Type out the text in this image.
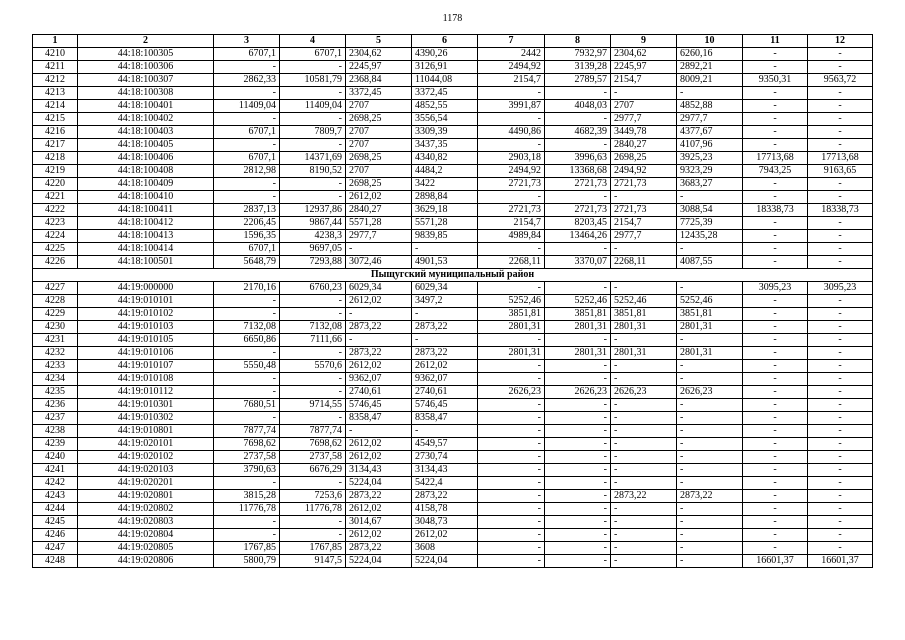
1178
1	2	3	4	5	6	7	8	9	10	11	12
4210	44:18:100305	6707,1	6707,1	2304,62	4390,26	2442	7932,97	2304,62	6260,16	-	-
4211	44:18:100306	-	-	2245,97	3126,91	2494,92	3139,28	2245,97	2892,21	-	-
4212	44:18:100307	2862,33	10581,79	2368,84	11044,08	2154,7	2789,57	2154,7	8009,21	9350,31	9563,72
4213	44:18:100308	-	-	3372,45	3372,45	-	-	-	-	-	-
4214	44:18:100401	11409,04	11409,04	2707	4852,55	3991,87	4048,03	2707	4852,88	-	-
4215	44:18:100402	-	-	2698,25	3556,54	-	-	2977,7	2977,7	-	-
4216	44:18:100403	6707,1	7809,7	2707	3309,39	4490,86	4682,39	3449,78	4377,67	-	-
4217	44:18:100405	-	-	2707	3437,35	-	-	2840,27	4107,96	-	-
4218	44:18:100406	6707,1	14371,69	2698,25	4340,82	2903,18	3996,63	2698,25	3925,23	17713,68	17713,68
4219	44:18:100408	2812,98	8190,52	2707	4484,2	2494,92	13368,68	2494,92	9323,29	7943,25	9163,65
4220	44:18:100409	-	-	2698,25	3422	2721,73	2721,73	2721,73	3683,27	-	-
4221	44:18:100410	-	-	2612,02	2898,84	-	-	-	-	-	-
4222	44:18:100411	2837,13	12937,86	2840,27	3629,18	2721,73	2721,73	2721,73	3088,54	18338,73	18338,73
4223	44:18:100412	2206,45	9867,44	5571,28	5571,28	2154,7	8203,45	2154,7	7725,39	-	-
4224	44:18:100413	1596,35	4238,3	2977,7	9839,85	4989,84	13464,26	2977,7	12435,28	-	-
4225	44:18:100414	6707,1	9697,05	-	-	-	-	-	-	-	-
4226	44:18:100501	5648,79	7293,88	3072,46	4901,53	2268,11	3370,07	2268,11	4087,55	-	-
Пыщугский муниципальный район											
4227	44:19:000000	2170,16	6760,23	6029,34	6029,34	-	-	-	-	3095,23	3095,23
4228	44:19:010101	-	-	2612,02	3497,2	5252,46	5252,46	5252,46	5252,46	-	-
4229	44:19:010102	-	-	-	-	3851,81	3851,81	3851,81	3851,81	-	-
4230	44:19:010103	7132,08	7132,08	2873,22	2873,22	2801,31	2801,31	2801,31	2801,31	-	-
4231	44:19:010105	6650,86	7111,66	-	-	-	-	-	-	-	-
4232	44:19:010106	-	-	2873,22	2873,22	2801,31	2801,31	2801,31	2801,31	-	-
4233	44:19:010107	5550,48	5570,6	2612,02	2612,02	-	-	-	-	-	-
4234	44:19:010108	-	-	9362,07	9362,07	-	-	-	-	-	-
4235	44:19:010112	-	-	2740,61	2740,61	2626,23	2626,23	2626,23	2626,23	-	-
4236	44:19:010301	7680,51	9714,55	5746,45	5746,45	-	-	-	-	-	-
4237	44:19:010302	-	-	8358,47	8358,47	-	-	-	-	-	-
4238	44:19:010801	7877,74	7877,74	-	-	-	-	-	-	-	-
4239	44:19:020101	7698,62	7698,62	2612,02	4549,57	-	-	-	-	-	-
4240	44:19:020102	2737,58	2737,58	2612,02	2730,74	-	-	-	-	-	-
4241	44:19:020103	3790,63	6676,29	3134,43	3134,43	-	-	-	-	-	-
4242	44:19:020201	-	-	5224,04	5422,4	-	-	-	-	-	-
4243	44:19:020801	3815,28	7253,6	2873,22	2873,22	-	-	2873,22	2873,22	-	-
4244	44:19:020802	11776,78	11776,78	2612,02	4158,78	-	-	-	-	-	-
4245	44:19:020803	-	-	3014,67	3048,73	-	-	-	-	-	-
4246	44:19:020804	-	-	2612,02	2612,02	-	-	-	-	-	-
4247	44:19:020805	1767,85	1767,85	2873,22	3608	-	-	-	-	-	-
4248	44:19:020806	5800,79	9147,5	5224,04	5224,04	-	-	-	-	16601,37	16601,37
